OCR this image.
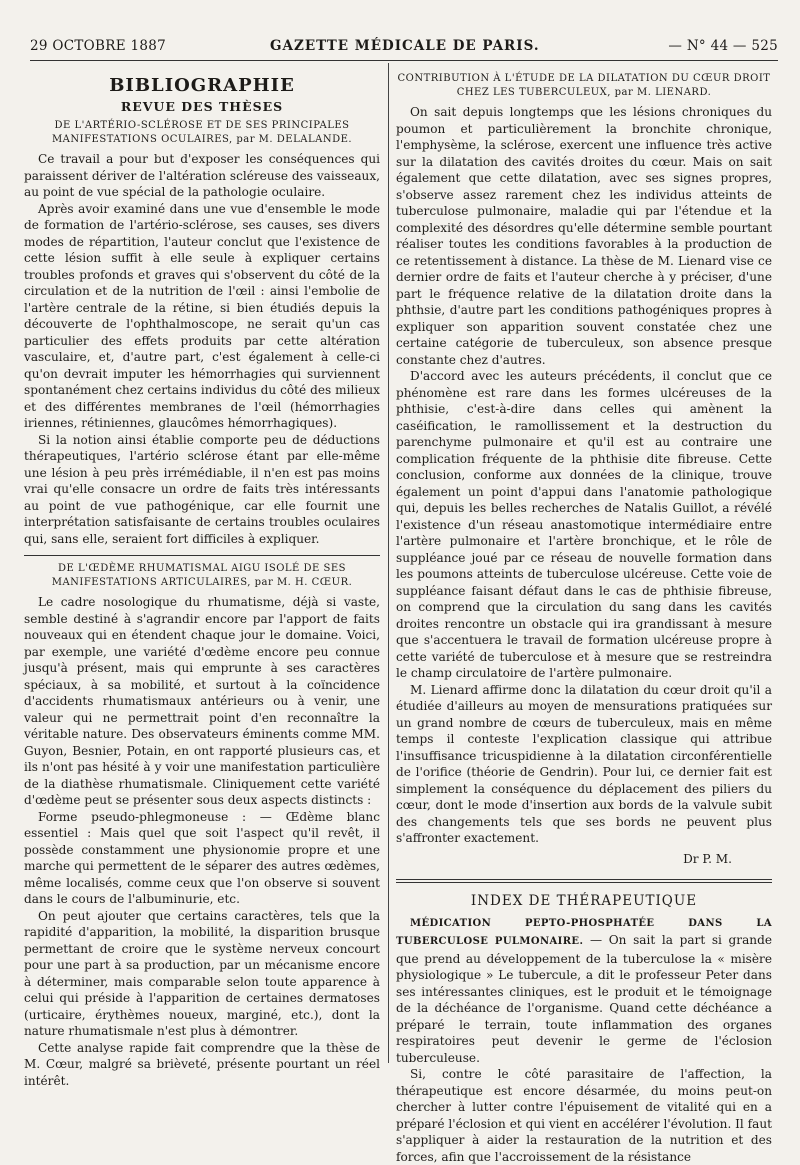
29 OCTOBRE 1887	GAZETTE MÉDICALE DE PARIS.	— N° 44 — 525
BIBLIOGRAPHIE
REVUE DES THÈSES
DE L'ARTÉRIO-SCLÉROSE ET DE SES PRINCIPALES MANIFESTATIONS OCULAIRES, par M. DELALANDE.

Ce travail a pour but d'exposer les conséquences qui paraissent dériver de l'altération scléreuse des vaisseaux, au point de vue spécial de la pathologie oculaire.

Après avoir examiné dans une vue d'ensemble le mode de formation de l'artério-sclérose, ses causes, ses divers modes de répartition, l'auteur conclut que l'existence de cette lésion suffit à elle seule à expliquer certains troubles profonds et graves qui s'observent du côté de la circulation et de la nutrition de l'œil : ainsi l'embolie de l'artère centrale de la rétine, si bien étudiés depuis la découverte de l'ophthalmoscope, ne serait qu'un cas particulier des effets produits par cette altération vasculaire, et, d'autre part, c'est également à celle-ci qu'on devrait imputer les hémorrhagies qui surviennent spontanément chez certains individus du côté des milieux et des différentes membranes de l'œil (hémorrhagies iriennes, rétiniennes, glaucômes hémorrhagiques).

Si la notion ainsi établie comporte peu de déductions thérapeutiques, l'artério sclérose étant par elle-même une lésion à peu près irrémédiable, il n'en est pas moins vrai qu'elle consacre un ordre de faits très intéressants au point de vue pathogénique, car elle fournit une interprétation satisfaisante de certains troubles oculaires qui, sans elle, seraient fort difficiles à expliquer.

DE L'ŒDÈME RHUMATISMAL AIGU ISOLÉ DE SES MANIFESTATIONS ARTICULAIRES, par M. H. CŒUR.

Le cadre nosologique du rhumatisme, déjà si vaste, semble destiné à s'agrandir encore par l'apport de faits nouveaux qui en étendent chaque jour le domaine. Voici, par exemple, une variété d'œdème encore peu connue jusqu'à présent, mais qui emprunte à ses caractères spéciaux, à sa mobilité, et surtout à la coïncidence d'accidents rhumatismaux antérieurs ou à venir, une valeur qui ne permettrait point d'en reconnaître la véritable nature. Des observateurs éminents comme MM. Guyon, Besnier, Potain, en ont rapporté plusieurs cas, et ils n'ont pas hésité à y voir une manifestation particulière de la diathèse rhumatismale. Cliniquement cette variété d'œdème peut se présenter sous deux aspects distincts :

Forme pseudo-phlegmoneuse : — Œdème blanc essentiel : Mais quel que soit l'aspect qu'il revêt, il possède constamment une physionomie propre et une marche qui permettent de le séparer des autres œdèmes, même localisés, comme ceux que l'on observe si souvent dans le cours de l'albuminurie, etc.

On peut ajouter que certains caractères, tels que la rapidité d'apparition, la mobilité, la disparition brusque permettant de croire que le système nerveux concourt pour une part à sa production, par un mécanisme encore à déterminer, mais comparable selon toute apparence à celui qui préside à l'apparition de certaines dermatoses (urticaire, érythèmes noueux, marginé, etc.), dont la nature rhumatismale n'est plus à démontrer.

Cette analyse rapide fait comprendre que la thèse de M. Cœur, malgré sa brièveté, présente pourtant un réel intérêt.

CONTRIBUTION À L'ÉTUDE DE LA DILATATION DU CŒUR DROIT CHEZ LES TUBERCULEUX, par M. LIENARD.

On sait depuis longtemps que les lésions chroniques du poumon et particulièrement la bronchite chronique, l'emphysème, la sclérose, exercent une influence très active sur la dilatation des cavités droites du cœur. Mais on sait également que cette dilatation, avec ses signes propres, s'observe assez rarement chez les individus atteints de tuberculose pulmonaire, maladie qui par l'étendue et la complexité des désordres qu'elle détermine semble pourtant réaliser toutes les conditions favorables à la production de ce retentissement à distance. La thèse de M. Lienard vise ce dernier ordre de faits et l'auteur cherche à y préciser, d'une part le fréquence relative de la dilatation droite dans la phthsie, d'autre part les conditions pathogéniques propres à expliquer son apparition souvent constatée chez une certaine catégorie de tuberculeux, son absence presque constante chez d'autres.

D'accord avec les auteurs précédents, il conclut que ce phénomène est rare dans les formes ulcéreuses de la phthisie, c'est-à-dire dans celles qui amènent la caséification, le ramollissement et la destruction du parenchyme pulmonaire et qu'il est au contraire une complication fréquente de la phthisie dite fibreuse. Cette conclusion, conforme aux données de la clinique, trouve également un point d'appui dans l'anatomie pathologique qui, depuis les belles recherches de Natalis Guillot, a révélé l'existence d'un réseau anastomotique intermédiaire entre l'artère pulmonaire et l'artère bronchique, et le rôle de suppléance joué par ce réseau de nouvelle formation dans les poumons atteints de tuberculose ulcéreuse. Cette voie de suppléance faisant défaut dans le cas de phthisie fibreuse, on comprend que la circulation du sang dans les cavités droites rencontre un obstacle qui ira grandissant à mesure que s'accentuera le travail de formation ulcéreuse propre à cette variété de tuberculose et à mesure que se restreindra le champ circulatoire de l'artère pulmonaire.

M. Lienard affirme donc la dilatation du cœur droit qu'il a étudiée d'ailleurs au moyen de mensurations pratiquées sur un grand nombre de cœurs de tuberculeux, mais en même temps il conteste l'explication classique qui attribue l'insuffisance tricuspidienne à la dilatation circonférentielle de l'orifice (théorie de Gendrin). Pour lui, ce dernier fait est simplement la conséquence du déplacement des piliers du cœur, dont le mode d'insertion aux bords de la valvule subit des changements tels que ses bords ne peuvent plus s'affronter exactement.

Dr P. M.
INDEX DE THÉRAPEUTIQUE

MÉDICATION PEPTO-PHOSPHATÉE DANS LA TUBERCULOSE PULMONAIRE. — On sait la part si grande que prend au développement de la tuberculose la « misère physiologique » Le tubercule, a dit le professeur Peter dans ses intéressantes cliniques, est le produit et le témoignage de la déchéance de l'organisme. Quand cette déchéance a préparé le terrain, toute inflammation des organes respiratoires peut devenir le germe de l'éclosion tuberculeuse.

Si, contre le côté parasitaire de l'affection, la thérapeutique est encore désarmée, du moins peut-on chercher à lutter contre l'épuisement de vitalité qui en a préparé l'éclosion et qui vient en accélérer l'évolution. Il faut s'appliquer à aider la restauration de la nutrition et des forces, afin que l'accroissement de la résistance
